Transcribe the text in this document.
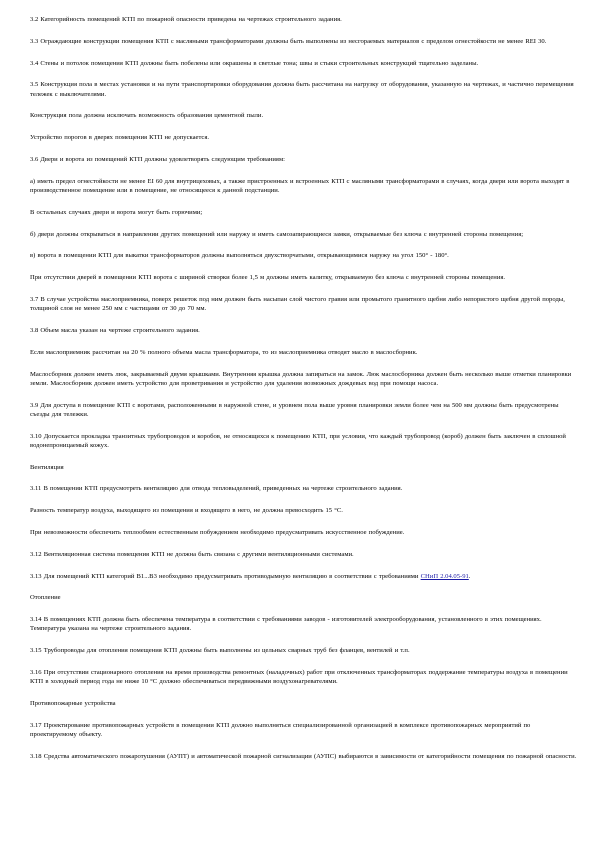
3.2 Категорийность помещений КТП по пожарной опасности приведена на чертежах строительного задания.

3.3 Ограждающие конструкции помещения КТП с масляными трансформаторами должны быть выполнены из несгораемых материалов с пределом огнестойкости не менее REI 30.

3.4 Стены и потолок помещения КТП должны быть побелены или окрашены в светлые тона; швы и стыки строительных конструкций тщательно заделаны.

3.5 Конструкция пола в местах установки и на пути транспортировки оборудования должна быть рассчитана на нагрузку от оборудования, указанную на чертежах, и частично перемещения тележек с выключателями.

Конструкция пола должна исключать возможность образования цементной пыли.

Устройство порогов в дверях помещения КТП не допускается.

3.6 Двери и ворота из помещений КТП должны удовлетворять следующим требованиям:

а) иметь предел огнестойкости не менее EI 60 для внутрицеховых, а также пристроенных и встроенных КТП с масляными трансформаторами в случаях, когда двери или ворота выходят в производственное помещение или в помещение, не относящееся к данной подстанции.

В остальных случаях двери и ворота могут быть горючими;

б) двери должны открываться в направлении других помещений или наружу и иметь самозапирающиеся замки, открываемые без ключа с внутренней стороны помещения;

в) ворота в помещении КТП для выкатки трансформаторов должны выполняться двухстворчатыми, открывающимися наружу на угол 150° - 180°.

При отсутствии дверей в помещении КТП ворота с шириной створки более 1,5 м должны иметь калитку, открываемую без ключа с внутренней стороны помещения.

3.7 В случае устройства маслоприемника, поверх решеток под ним должен быть насыпан слой чистого гравия или промытого гранитного щебня либо непористого щебня другой породы, толщиной слоя не менее 250 мм с частицами от 30 до 70 мм.

3.8 Объем масла указан на чертеже строительного задания.

Если маслоприемник рассчитан на 20 % полного объема масла трансформатора, то из маслоприемника отводят масло в маслосборник.

Маслосборник должен иметь люк, закрываемый двумя крышками. Внутренняя крышка должна запираться на замок. Люк маслосборника должен быть несколько выше отметки планировки земли. Маслосборник должен иметь устройство для проветривания и устройство для удаления возможных дождевых вод при помощи насоса.

3.9 Для доступа в помещение КТП с воротами, расположенными в наружной стене, и уровнем пола выше уровня планировки земли более чем на 500 мм должны быть предусмотрены съезды для тележки.

3.10 Допускается прокладка транзитных трубопроводов и коробов, не относящихся к помещению КТП, при условии, что каждый трубопровод (короб) должен быть заключен в сплошной водонепроницаемый кожух.

Вентиляция

3.11 В помещении КТП предусмотреть вентиляцию для отвода тепловыделений, приведенных на чертеже строительного задания.

Разность температур воздуха, выходящего из помещения и входящего в него, не должна превосходить 15 °С.

При невозможности обеспечить теплообмен естественным побуждением необходимо предусматривать искусственное побуждение.

3.12 Вентиляционная система помещения КТП не должна быть связана с другими вентиляционными системами.

3.13 Для помещений КТП категорий В1...В3 необходимо предусматривать противодымную вентиляцию в соответствии с требованиями СНиП 2.04.05-91.

Отопление

3.14 В помещениях КТП должна быть обеспечена температура в соответствии с требованиями заводов - изготовителей электрооборудования, установленного в этих помещениях. Температура указана на чертеже строительного задания.

3.15 Трубопроводы для отопления помещения КТП должны быть выполнены из цельных сварных труб без фланцев, вентилей и т.п.

3.16 При отсутствии стационарного отопления на время производства ремонтных (наладочных) работ при отключенных трансформаторах поддержание температуры воздуха в помещении КТП в холодный период года не ниже 10 °С должно обеспечиваться передвижными воздухонагревателями.

Противопожарные устройства

3.17 Проектирование противопожарных устройств в помещении КТП должно выполняться специализированной организацией в комплексе противопожарных мероприятий по проектируемому объекту.

3.18 Средства автоматического пожаротушения (АУПТ) и автоматической пожарной сигнализации (АУПС) выбираются в зависимости от категорийности помещения по пожарной опасности.
